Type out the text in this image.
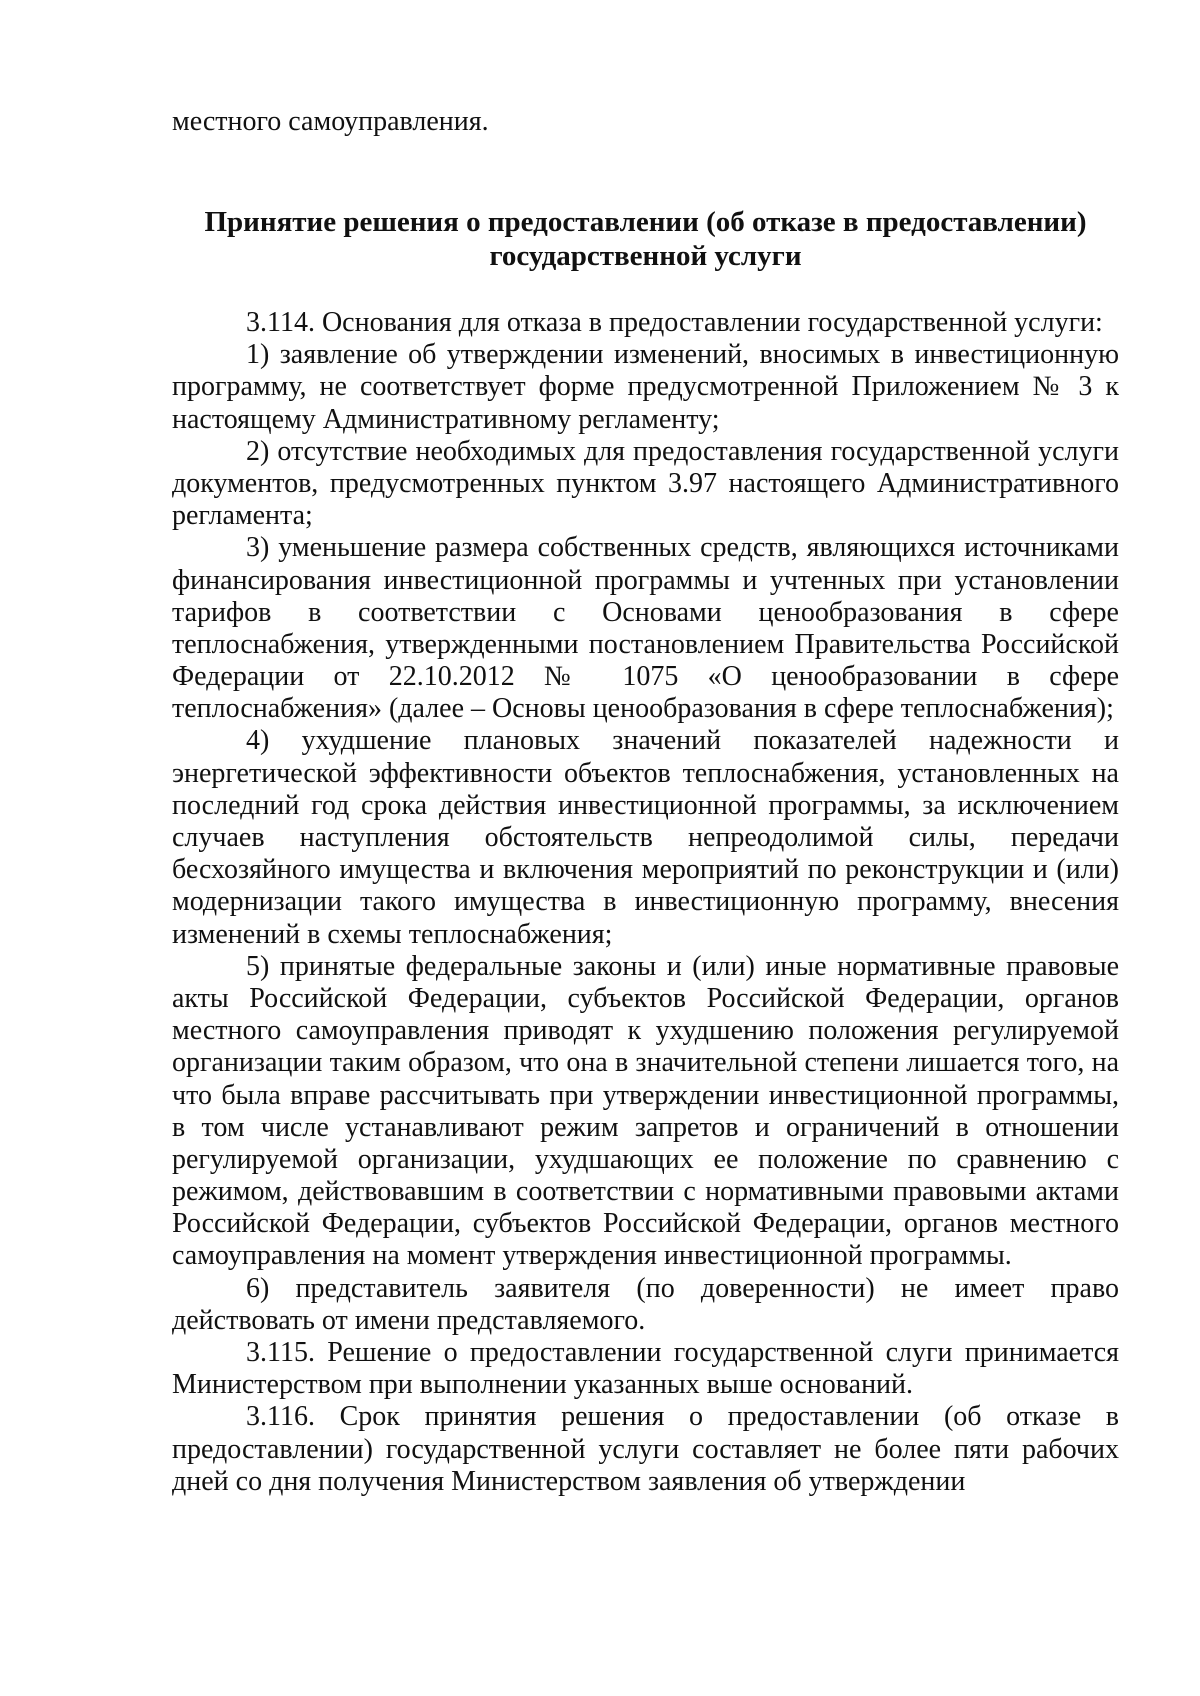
местного самоуправления.

Принятие решения о предоставлении (об отказе в предоставлении)
государственной услуги

3.114. Основания для отказа в предоставлении государственной услуги:

1) заявление об утверждении изменений, вносимых в инвестиционную программу, не соответствует форме предусмотренной Приложением № 3 к настоящему Административному регламенту;

2) отсутствие необходимых для предоставления государственной услуги документов, предусмотренных пунктом 3.97 настоящего Административного регламента;

3) уменьшение размера собственных средств, являющихся источниками финансирования инвестиционной программы и учтенных при установлении тарифов в соответствии с Основами ценообразования в сфере теплоснабжения, утвержденными постановлением Правительства Российской Федерации от 22.10.2012 № 1075 «О ценообразовании в сфере теплоснабжения» (далее – Основы ценообразования в сфере теплоснабжения);

4) ухудшение плановых значений показателей надежности и энергетической эффективности объектов теплоснабжения, установленных на последний год срока действия инвестиционной программы, за исключением случаев наступления обстоятельств непреодолимой силы, передачи бесхозяйного имущества и включения мероприятий по реконструкции и (или) модернизации такого имущества в инвестиционную программу, внесения изменений в схемы теплоснабжения;

5) принятые федеральные законы и (или) иные нормативные правовые акты Российской Федерации, субъектов Российской Федерации, органов местного самоуправления приводят к ухудшению положения регулируемой организации таким образом, что она в значительной степени лишается того, на что была вправе рассчитывать при утверждении инвестиционной программы, в том числе устанавливают режим запретов и ограничений в отношении регулируемой организации, ухудшающих ее положение по сравнению с режимом, действовавшим в соответствии с нормативными правовыми актами Российской Федерации, субъектов Российской Федерации, органов местного самоуправления на момент утверждения инвестиционной программы.

6) представитель заявителя (по доверенности) не имеет право действовать от имени представляемого.

3.115. Решение о предоставлении государственной слуги принимается Министерством при выполнении указанных выше оснований.

3.116. Срок принятия решения о предоставлении (об отказе в предоставлении) государственной услуги составляет не более пяти рабочих дней со дня получения Министерством заявления об утверждении
